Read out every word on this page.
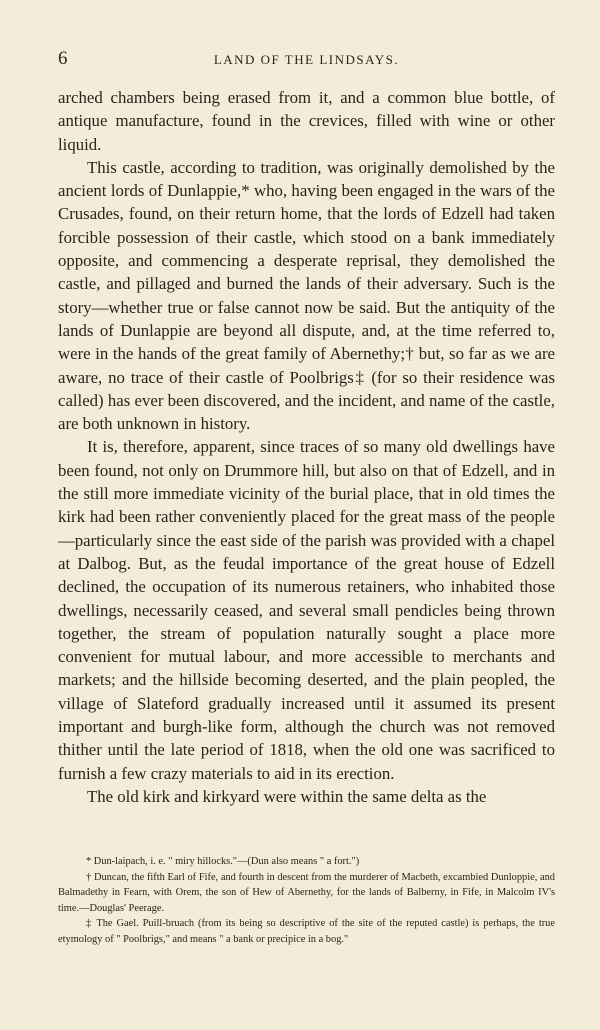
6	LAND OF THE LINDSAYS.

arched chambers being erased from it, and a common blue bottle, of antique manufacture, found in the crevices, filled with wine or other liquid.

This castle, according to tradition, was originally demolished by the ancient lords of Dunlappie,* who, having been engaged in the wars of the Crusades, found, on their return home, that the lords of Edzell had taken forcible possession of their castle, which stood on a bank immediately opposite, and commencing a desperate reprisal, they demolished the castle, and pillaged and burned the lands of their adversary. Such is the story—whether true or false cannot now be said. But the antiquity of the lands of Dunlappie are beyond all dispute, and, at the time referred to, were in the hands of the great family of Abernethy;† but, so far as we are aware, no trace of their castle of Poolbrigs‡ (for so their residence was called) has ever been discovered, and the incident, and name of the castle, are both unknown in history.

It is, therefore, apparent, since traces of so many old dwellings have been found, not only on Drummore hill, but also on that of Edzell, and in the still more immediate vicinity of the burial place, that in old times the kirk had been rather conveniently placed for the great mass of the people—particularly since the east side of the parish was provided with a chapel at Dalbog. But, as the feudal importance of the great house of Edzell declined, the occupation of its numerous retainers, who inhabited those dwellings, necessarily ceased, and several small pendicles being thrown together, the stream of population naturally sought a place more convenient for mutual labour, and more accessible to merchants and markets; and the hillside becoming deserted, and the plain peopled, the village of Slateford gradually increased until it assumed its present important and burgh-like form, although the church was not removed thither until the late period of 1818, when the old one was sacrificed to furnish a few crazy materials to aid in its erection.

The old kirk and kirkyard were within the same delta as the

* Dun-laipach, i. e. " miry hillocks."—(Dun also means " a fort.")

† Duncan, the fifth Earl of Fife, and fourth in descent from the murderer of Macbeth, excambied Dunloppie, and Balmadethy in Fearn, with Orem, the son of Hew of Abernethy, for the lands of Balberny, in Fife, in Malcolm IV's time.—Douglas' Peerage.

‡ The Gael. Puill-bruach (from its being so descriptive of the site of the reputed castle) is perhaps, the true etymology of " Poolbrigs," and means " a bank or precipice in a bog."
